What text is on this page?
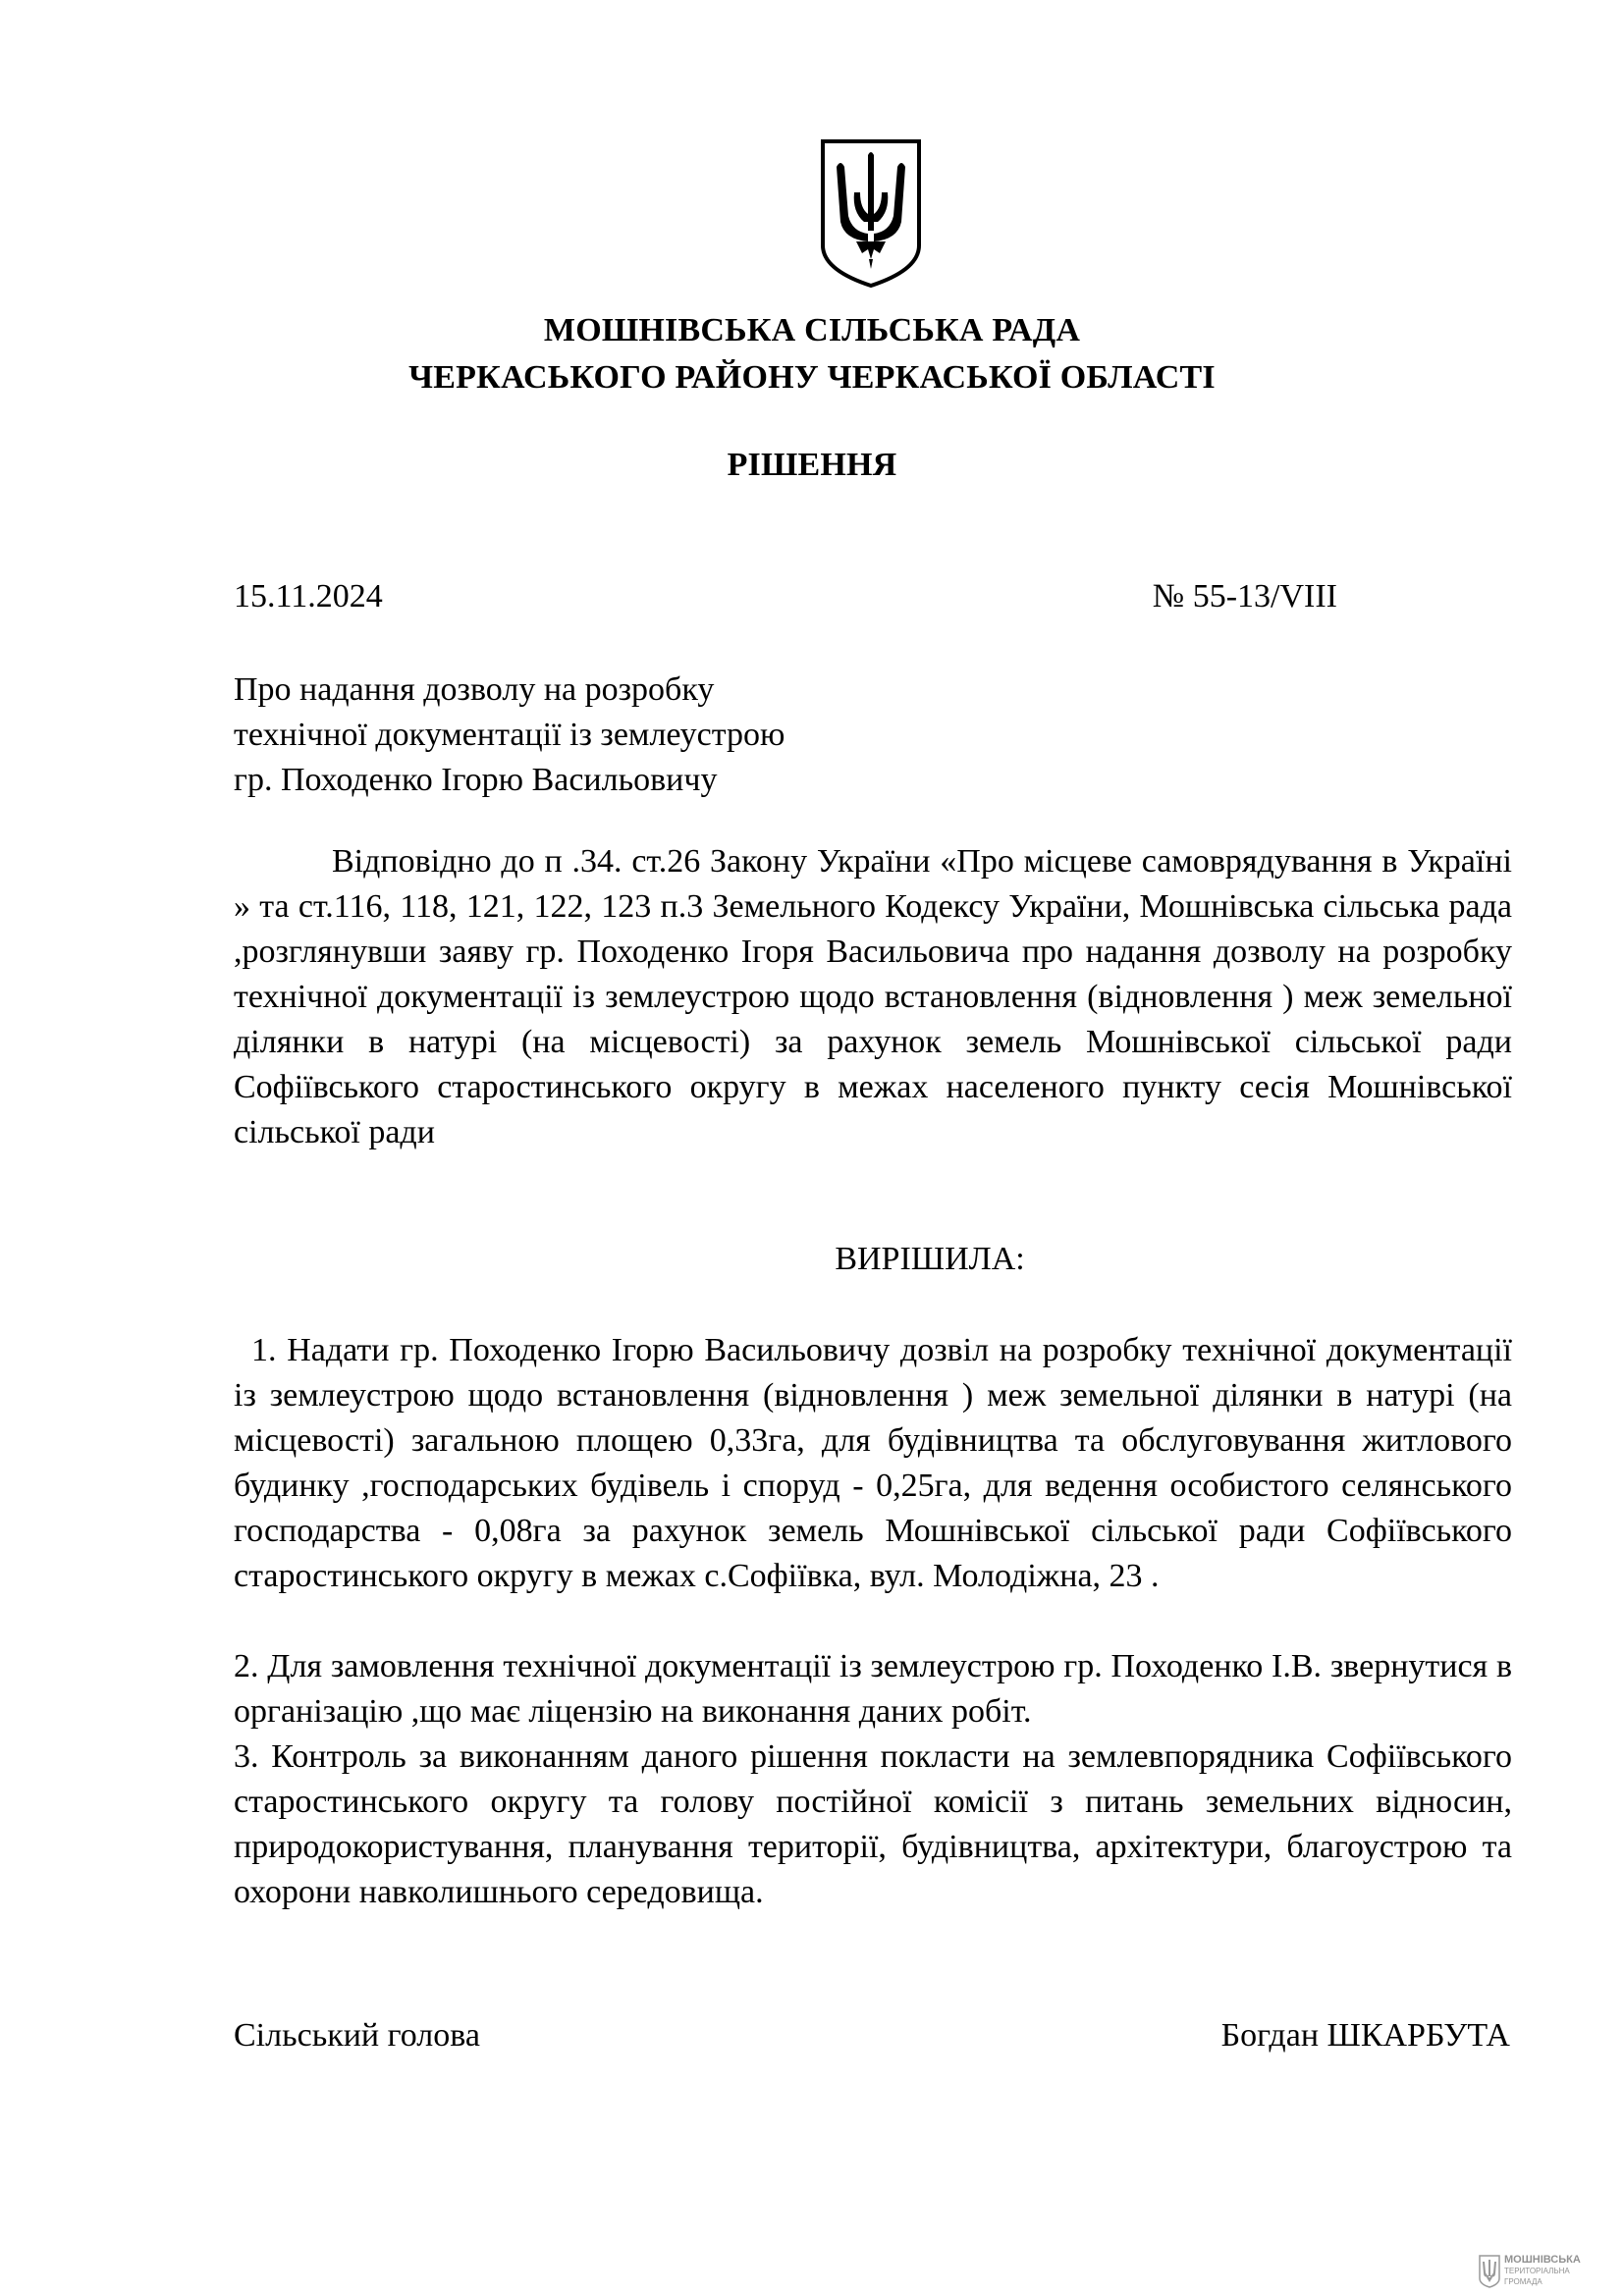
МОШНІВСЬКА СІЛЬСЬКА РАДА
ЧЕРКАСЬКОГО РАЙОНУ ЧЕРКАСЬКОЇ ОБЛАСТІ
РІШЕННЯ
15.11.2024	№ 55-13/VIII
Про надання дозволу на розробку
технічної документації із землеустрою
гр. Походенко Ігорю Васильовичу
Відповідно до п .34. ст.26 Закону України «Про місцеве самоврядування в Україні » та ст.116, 118, 121, 122, 123 п.3 Земельного Кодексу України, Мошнівська сільська рада ,розглянувши заяву гр. Походенко Ігоря Васильовича про надання дозволу на розробку технічної документації із землеустрою щодо встановлення (відновлення ) меж земельної ділянки в натурі (на місцевості) за рахунок земель Мошнівської сільської ради Софіївського старостинського округу в межах населеного пункту сесія Мошнівської сільської ради
ВИРІШИЛА:
1. Надати гр. Походенко Ігорю Васильовичу дозвіл на розробку технічної документації із землеустрою щодо встановлення (відновлення ) меж земельної ділянки в натурі (на місцевості) загальною площею 0,33га, для будівництва та обслуговування житлового будинку ,господарських будівель і споруд - 0,25га, для ведення особистого селянського господарства - 0,08га за рахунок земель Мошнівської сільської ради Софіївського старостинського округу в межах с.Софіївка, вул. Молодіжна, 23 .
2. Для замовлення технічної документації із землеустрою гр. Походенко І.В. звернутися в організацію ,що має ліцензію на виконання даних робіт.
3. Контроль за виконанням даного рішення покласти на землевпорядника Софіївського старостинського округу та голову постійної комісії з питань земельних відносин, природокористування, планування території, будівництва, архітектури, благоустрою та охорони навколишнього середовища.
Сільський голова	Богдан ШКАРБУТА
МОШНІВСЬКА
ТЕРИТОРІАЛЬНА
ГРОМАДА
